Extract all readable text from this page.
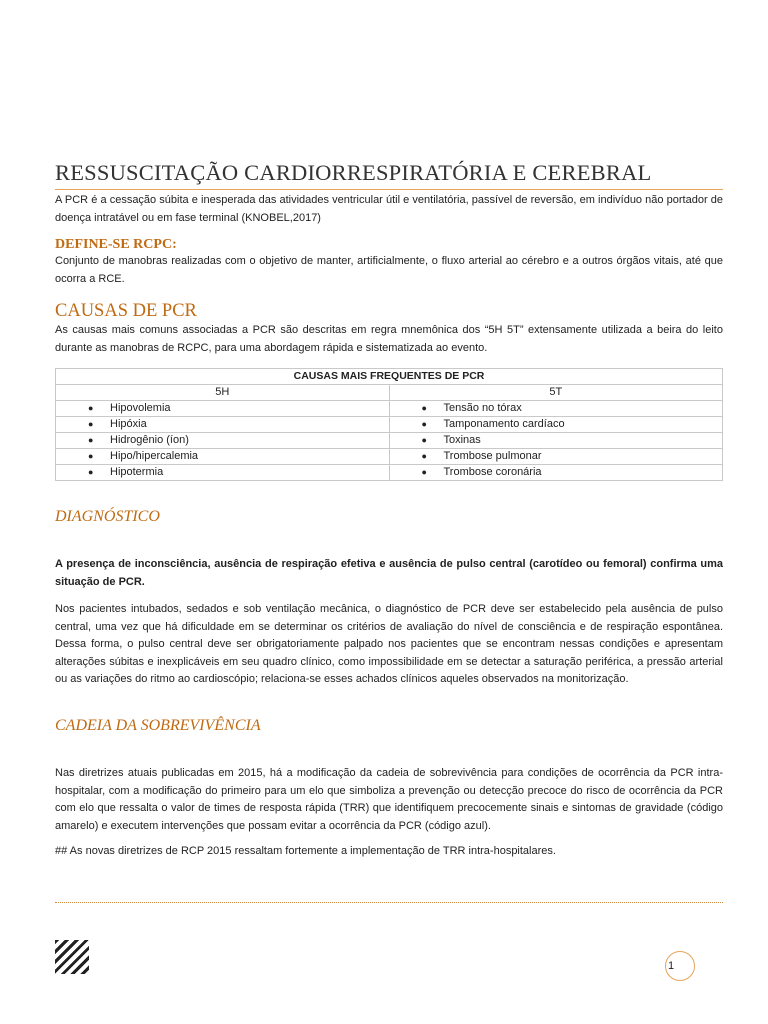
RESSUSCITAÇÃO CARDIORRESPIRATÓRIA E CEREBRAL

A PCR é a cessação súbita e inesperada das atividades ventricular útil e ventilatória, passível de reversão, em indivíduo não portador de doença intratável ou em fase terminal (KNOBEL,2017)

DEFINE-SE RCPC:

Conjunto de manobras realizadas com o objetivo de manter, artificialmente, o fluxo arterial ao cérebro e a outros órgãos vitais, até que ocorra a RCE.

CAUSAS DE PCR

As causas mais comuns associadas a PCR são descritas em regra mnemônica dos “5H 5T” extensamente utilizada a beira do leito durante as manobras de RCPC, para uma abordagem rápida e sistematizada ao evento.

CAUSAS MAIS FREQUENTES DE PCR	
5H	5T

● Hipovolemia	● Tensão no tórax

● Hipóxia	● Tamponamento cardíaco

● Hidrogênio (íon)	● Toxinas

● Hipo/hipercalemia	● Trombose pulmonar

● Hipotermia	● Trombose coronária
DIAGNÓSTICO

A presença de inconsciência, ausência de respiração efetiva e ausência de pulso central (carotídeo ou femoral) confirma uma situação de PCR.

Nos pacientes intubados, sedados e sob ventilação mecânica, o diagnóstico de PCR deve ser estabelecido pela ausência de pulso central, uma vez que há dificuldade em se determinar os critérios de avaliação do nível de consciência e de respiração espontânea. Dessa forma, o pulso central deve ser obrigatoriamente palpado nos pacientes que se encontram nessas condições e apresentam alterações súbitas e inexplicáveis em seu quadro clínico, como impossibilidade em se detectar a saturação periférica, a pressão arterial ou as variações do ritmo ao cardioscópio; relaciona-se esses achados clínicos aqueles observados na monitorização.

CADEIA DA SOBREVIVÊNCIA

Nas diretrizes atuais publicadas em 2015, há a modificação da cadeia de sobrevivência para condições de ocorrência da PCR intra-hospitalar, com a modificação do primeiro para um elo que simboliza a prevenção ou detecção precoce do risco de ocorrência da PCR com elo que ressalta o valor de times de resposta rápida (TRR) que identifiquem precocemente sinais e sintomas de gravidade (código amarelo) e executem intervenções que possam evitar a ocorrência da PCR (código azul).

## As novas diretrizes de RCP 2015 ressaltam fortemente a implementação de TRR intra-hospitalares.

1
